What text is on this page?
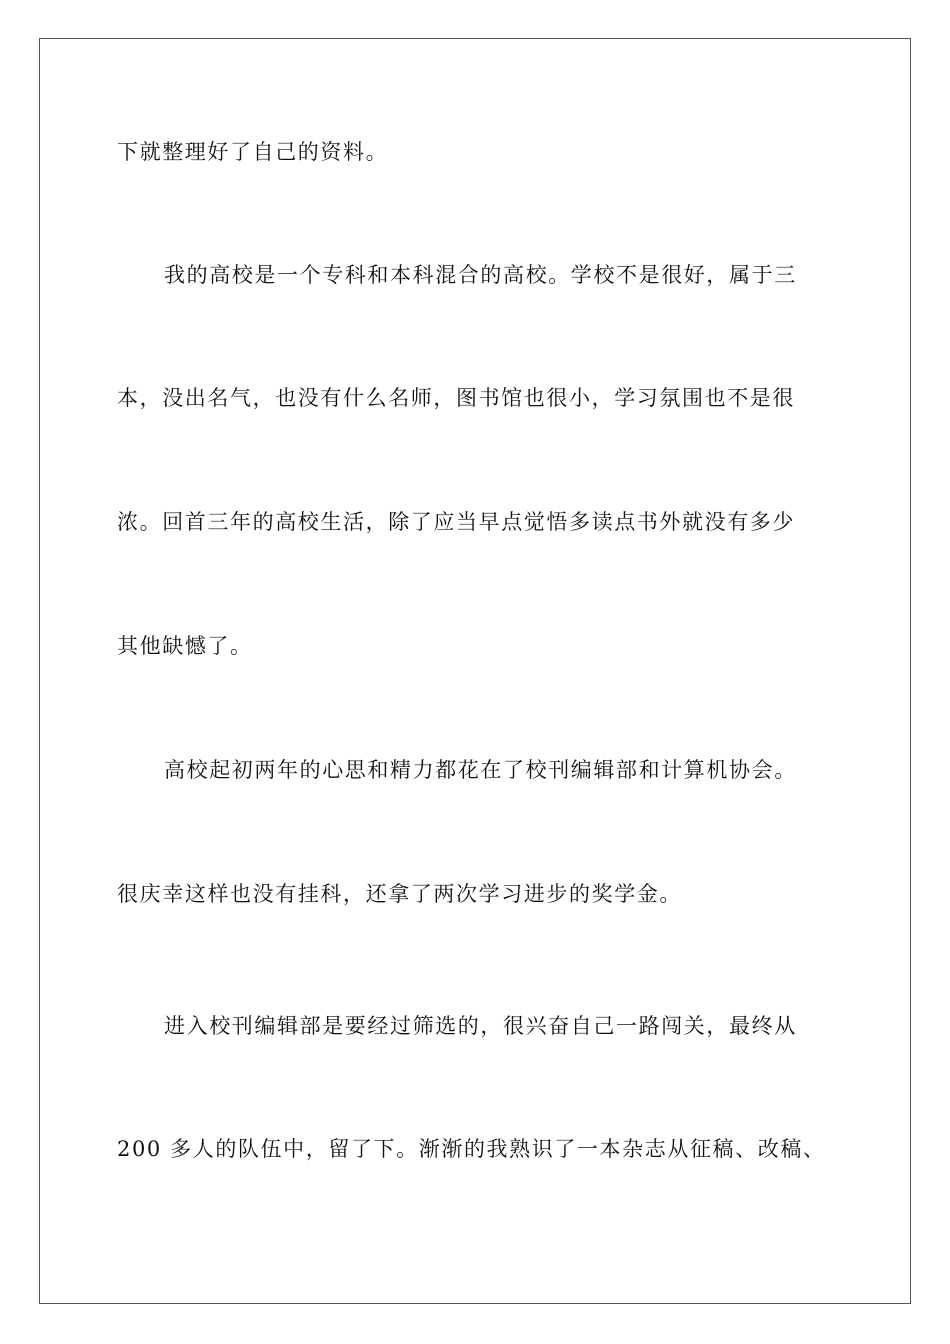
下就整理好了自己的资料。
我的高校是一个专科和本科混合的高校。学校不是很好，属于三
本，没出名气，也没有什么名师，图书馆也很小，学习氛围也不是很
浓。回首三年的高校生活，除了应当早点觉悟多读点书外就没有多少
其他缺憾了。
高校起初两年的心思和精力都花在了校刊编辑部和计算机协会。
很庆幸这样也没有挂科，还拿了两次学习进步的奖学金。
进入校刊编辑部是要经过筛选的，很兴奋自己一路闯关，最终从
200 多人的队伍中，留了下。渐渐的我熟识了一本杂志从征稿、改稿、
